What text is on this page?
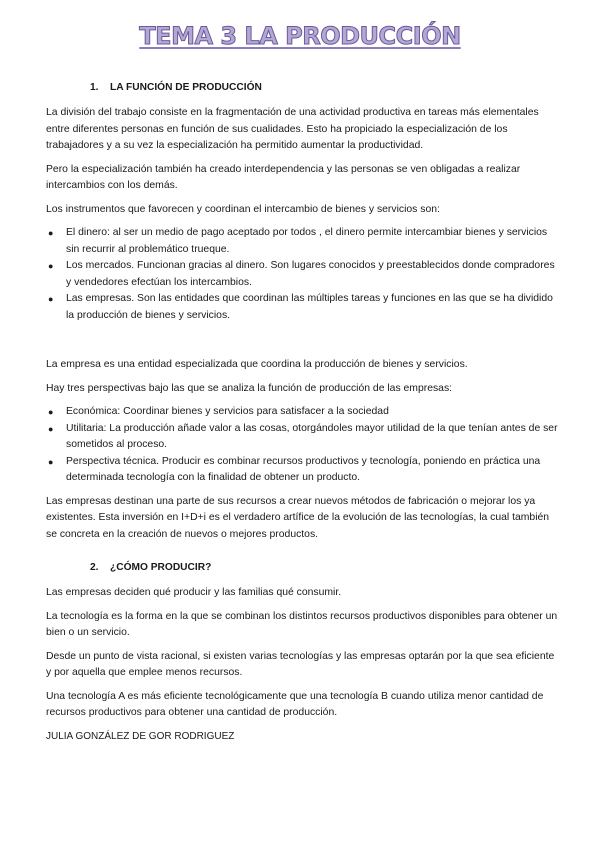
TEMA 3 LA PRODUCCIÓN
1. LA FUNCIÓN DE PRODUCCIÓN

La división del trabajo consiste en la fragmentación de una actividad productiva en tareas más elementales entre diferentes personas en función de sus cualidades. Esto ha propiciado la especialización de los trabajadores y a su vez la especialización ha permitido aumentar la productividad.

Pero la especialización también ha creado interdependencia y las personas se ven obligadas a realizar intercambios con los demás.

Los instrumentos que favorecen y coordinan el intercambio de bienes y servicios son:

● El dinero: al ser un medio de pago aceptado por todos , el dinero permite intercambiar bienes y servicios sin recurrir al problemático trueque.
● Los mercados. Funcionan gracias al dinero. Son lugares conocidos y preestablecidos donde compradores y vendedores efectúan los intercambios.
● Las empresas. Son las entidades que coordinan las múltiples tareas y funciones en las que se ha dividido la producción de bienes y servicios.

La empresa es una entidad especializada que coordina la producción de bienes y servicios.

Hay tres perspectivas bajo las que se analiza la función de producción de las empresas:

● Económica: Coordinar bienes y servicios para satisfacer a la sociedad
● Utilitaria: La producción añade valor a las cosas, otorgándoles mayor utilidad de la que tenían antes de ser sometidos al proceso.
● Perspectiva técnica. Producir es combinar recursos productivos y tecnología, poniendo en práctica una determinada tecnología con la finalidad de obtener un producto.

Las empresas destinan una parte de sus recursos a crear nuevos métodos de fabricación o mejorar los ya existentes. Esta inversión en I+D+i es el verdadero artífice de la evolución de las tecnologías, la cual también se concreta en la creación de nuevos o mejores productos.

2. ¿CÓMO PRODUCIR?

Las empresas deciden qué producir y las familias qué consumir.

La tecnología es la forma en la que se combinan los distintos recursos productivos disponibles para obtener un bien o un servicio.

Desde un punto de vista racional, si existen varias tecnologías y las empresas optarán por la que sea eficiente y por aquella que emplee menos recursos.

Una tecnología A es más eficiente tecnológicamente que una tecnología B cuando utiliza menor cantidad de recursos productivos para obtener una cantidad de producción.

JULIA GONZÁLEZ DE GOR RODRIGUEZ
